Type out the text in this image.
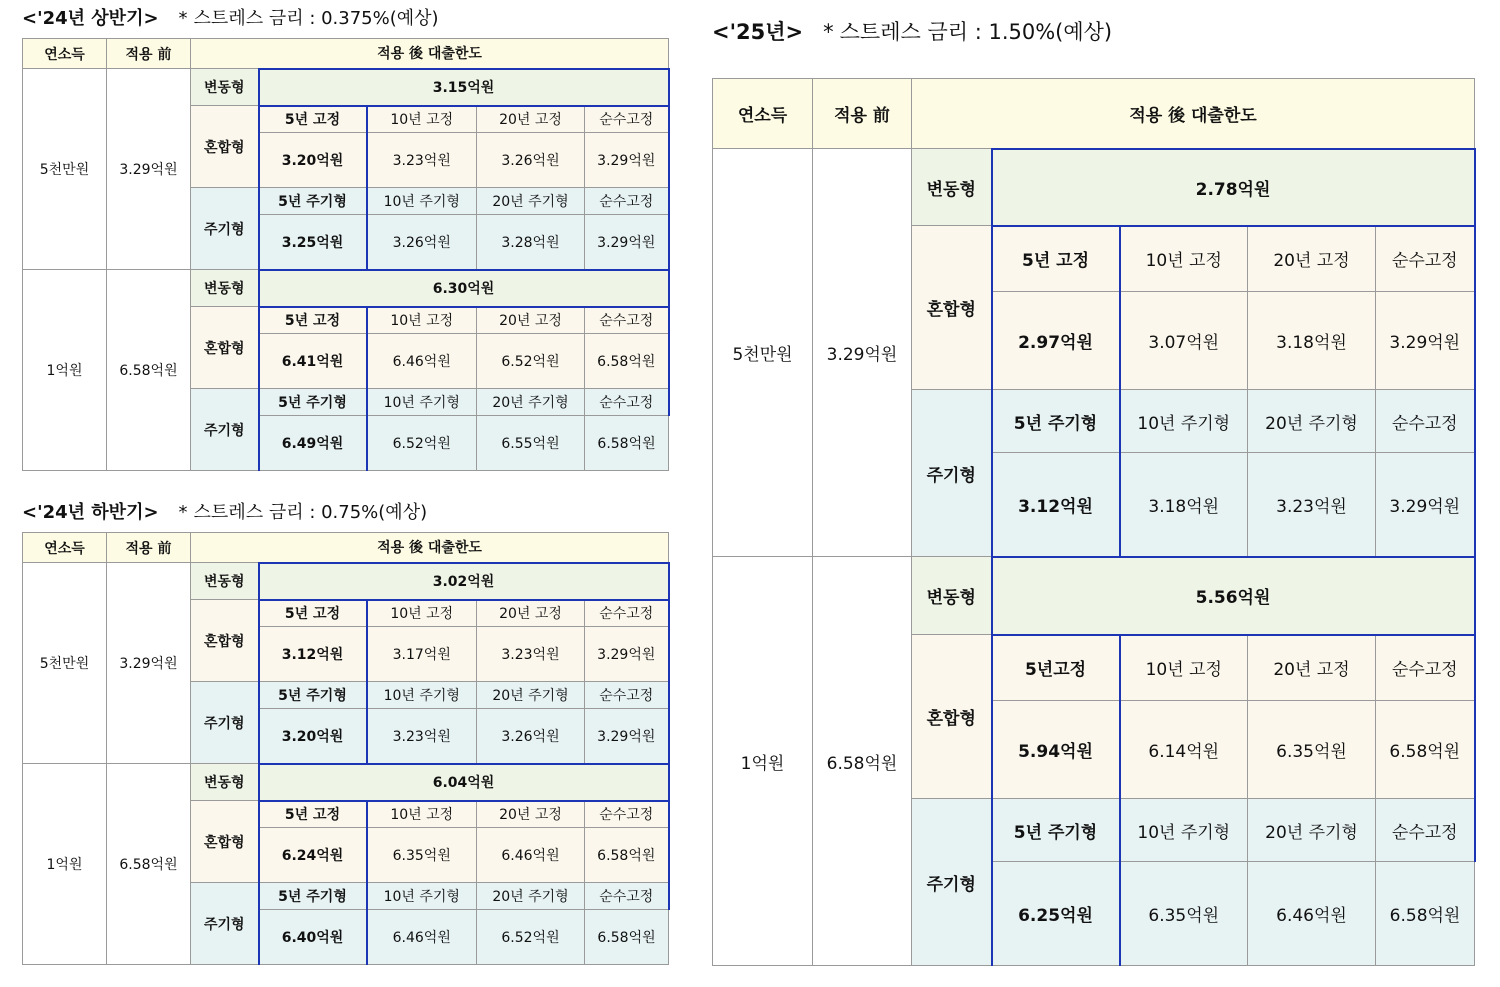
<'24년 상반기> * 스트레스 금리 : 0.375%(예상)
연소득	적용 前	적용 後 대출한도				
5천만원	3.29억원	변동형	3.15억원			
		혼합형	5년 고정	10년 고정	20년 고정	순수고정
			3.20억원	3.23억원	3.26억원	3.29억원
		주기형	5년 주기형	10년 주기형	20년 주기형	순수고정
			3.25억원	3.26억원	3.28억원	3.29억원
1억원	6.58억원	변동형	6.30억원			
		혼합형	5년 고정	10년 고정	20년 고정	순수고정
			6.41억원	6.46억원	6.52억원	6.58억원
		주기형	5년 주기형	10년 주기형	20년 주기형	순수고정
			6.49억원	6.52억원	6.55억원	6.58억원
<'24년 하반기> * 스트레스 금리 : 0.75%(예상)
연소득	적용 前	적용 後 대출한도				
5천만원	3.29억원	변동형	3.02억원			
		혼합형	5년 고정	10년 고정	20년 고정	순수고정
			3.12억원	3.17억원	3.23억원	3.29억원
		주기형	5년 주기형	10년 주기형	20년 주기형	순수고정
			3.20억원	3.23억원	3.26억원	3.29억원
1억원	6.58억원	변동형	6.04억원			
		혼합형	5년 고정	10년 고정	20년 고정	순수고정
			6.24억원	6.35억원	6.46억원	6.58억원
		주기형	5년 주기형	10년 주기형	20년 주기형	순수고정
			6.40억원	6.46억원	6.52억원	6.58억원
<'25년> * 스트레스 금리 : 1.50%(예상)
연소득	적용 前	적용 後 대출한도				
5천만원	3.29억원	변동형	2.78억원			
		혼합형	5년 고정	10년 고정	20년 고정	순수고정
			2.97억원	3.07억원	3.18억원	3.29억원
		주기형	5년 주기형	10년 주기형	20년 주기형	순수고정
			3.12억원	3.18억원	3.23억원	3.29억원
1억원	6.58억원	변동형	5.56억원			
		혼합형	5년고정	10년 고정	20년 고정	순수고정
			5.94억원	6.14억원	6.35억원	6.58억원
		주기형	5년 주기형	10년 주기형	20년 주기형	순수고정
			6.25억원	6.35억원	6.46억원	6.58억원
